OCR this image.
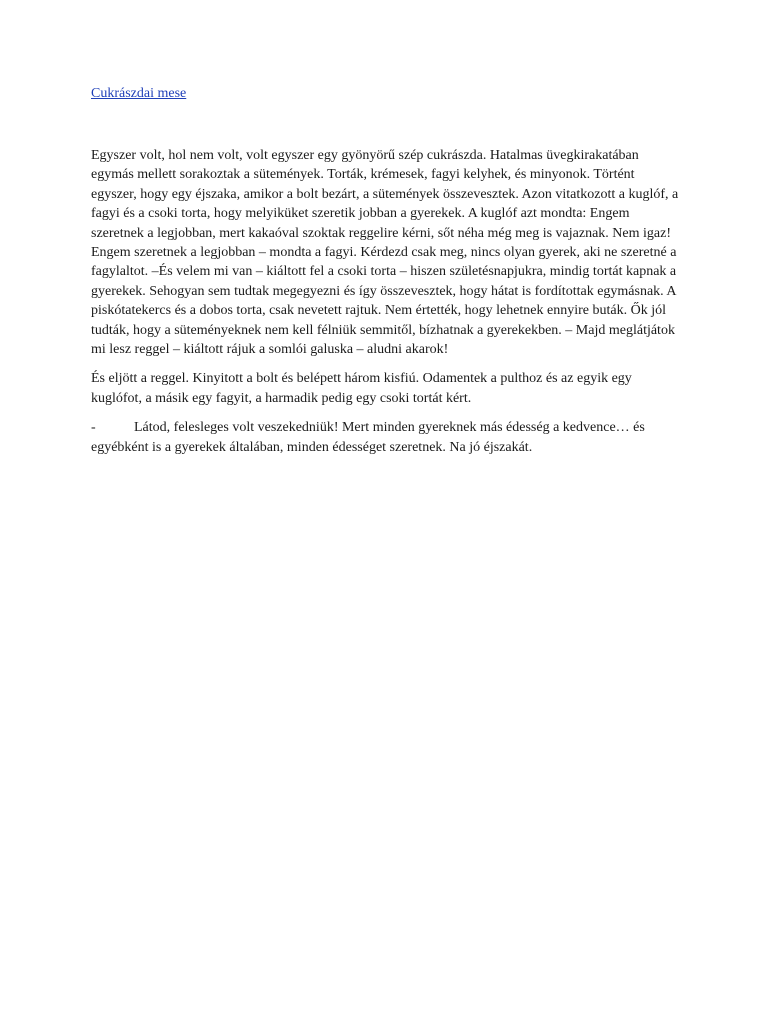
Cukrászdai mese

Egyszer volt, hol nem volt, volt egyszer egy gyönyörű szép cukrászda. Hatalmas üvegkirakatában egymás mellett sorakoztak a sütemények. Torták, krémesek, fagyi kelyhek, és minyonok. Történt egyszer, hogy egy éjszaka, amikor a bolt bezárt, a sütemények összevesztek. Azon vitatkozott a kuglóf, a fagyi és a csoki torta, hogy melyiküket szeretik jobban a gyerekek. A kuglóf azt mondta: Engem szeretnek a legjobban, mert kakaóval szoktak reggelire kérni, sőt néha még meg is vajaznak. Nem igaz! Engem szeretnek a legjobban – mondta a fagyi. Kérdezd csak meg, nincs olyan gyerek, aki ne szeretné a fagylaltot. –És velem mi van – kiáltott fel a csoki torta – hiszen születésnapjukra, mindig tortát kapnak a gyerekek. Sehogyan sem tudtak megegyezni és így összevesztek, hogy hátat is fordítottak egymásnak. A piskótatekercs és a dobos torta, csak nevetett rajtuk. Nem értették, hogy lehetnek ennyire buták. Ők jól tudták, hogy a süteményeknek nem kell félniük semmitől, bízhatnak a gyerekekben. – Majd meglátjátok mi lesz reggel – kiáltott rájuk a somlói galuska – aludni akarok!

És eljött a reggel. Kinyitott a bolt és belépett három kisfiú. Odamentek a pulthoz és az egyik egy kuglófot, a másik egy fagyit, a harmadik pedig egy csoki tortát kért.

-	Látod, felesleges volt veszekedniük! Mert minden gyereknek más édesség a kedvence… és egyébként is a gyerekek általában, minden édességet szeretnek. Na jó éjszakát.
